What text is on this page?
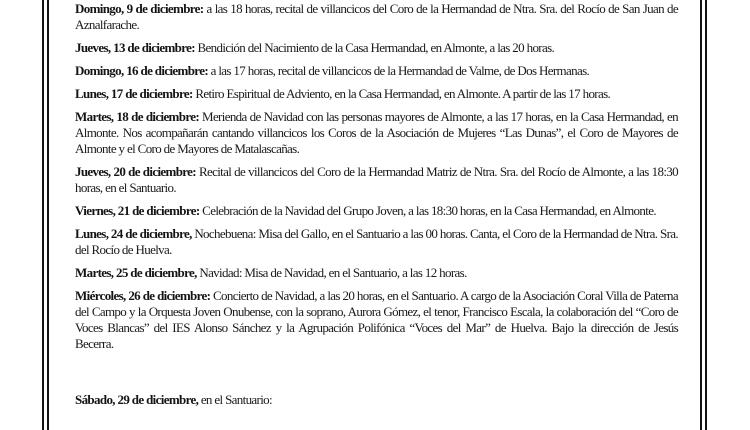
Domingo, 9 de diciembre: a las 18 horas, recital de villancicos del Coro de la Hermandad de Ntra. Sra. del Rocío de San Juan de Aznalfarache.

Jueves, 13 de diciembre: Bendición del Nacimiento de la Casa Hermandad, en Almonte, a las 20 horas.

Domingo, 16 de diciembre: a las 17 horas, recital de villancicos de la Hermandad de Valme, de Dos Hermanas.

Lunes, 17 de diciembre: Retiro Espiritual de Adviento, en la Casa Hermandad, en Almonte. A partir de las 17 horas.

Martes, 18 de diciembre: Merienda de Navidad con las personas mayores de Almonte, a las 17 horas, en la Casa Hermandad, en Almonte. Nos acompañarán cantando villancicos los Coros de la Asociación de Mujeres “Las Dunas”, el Coro de Mayores de Almonte y el Coro de Mayores de Matalascañas.

Jueves, 20 de diciembre: Recital de villancicos del Coro de la Hermandad Matriz de Ntra. Sra. del Rocío de Almonte, a las 18:30 horas, en el Santuario.

Viernes, 21 de diciembre: Celebración de la Navidad del Grupo Joven, a las 18:30 horas, en la Casa Hermandad, en Almonte.

Lunes, 24 de diciembre, Nochebuena: Misa del Gallo, en el Santuario a las 00 horas. Canta, el Coro de la Hermandad de Ntra. Sra. del Rocío de Huelva.

Martes, 25 de diciembre, Navidad: Misa de Navidad, en el Santuario, a las 12 horas.

Miércoles, 26 de diciembre: Concierto de Navidad, a las 20 horas, en el Santuario. A cargo de la Asociación Coral Villa de Paterna del Campo y la Orquesta Joven Onubense, con la soprano, Aurora Gómez, el tenor, Francisco Escala, la colaboración del “Coro de Voces Blancas” del IES Alonso Sánchez y la Agrupación Polifónica “Voces del Mar” de Huelva. Bajo la dirección de Jesús Becerra.

Sábado, 29 de diciembre, en el Santuario:
